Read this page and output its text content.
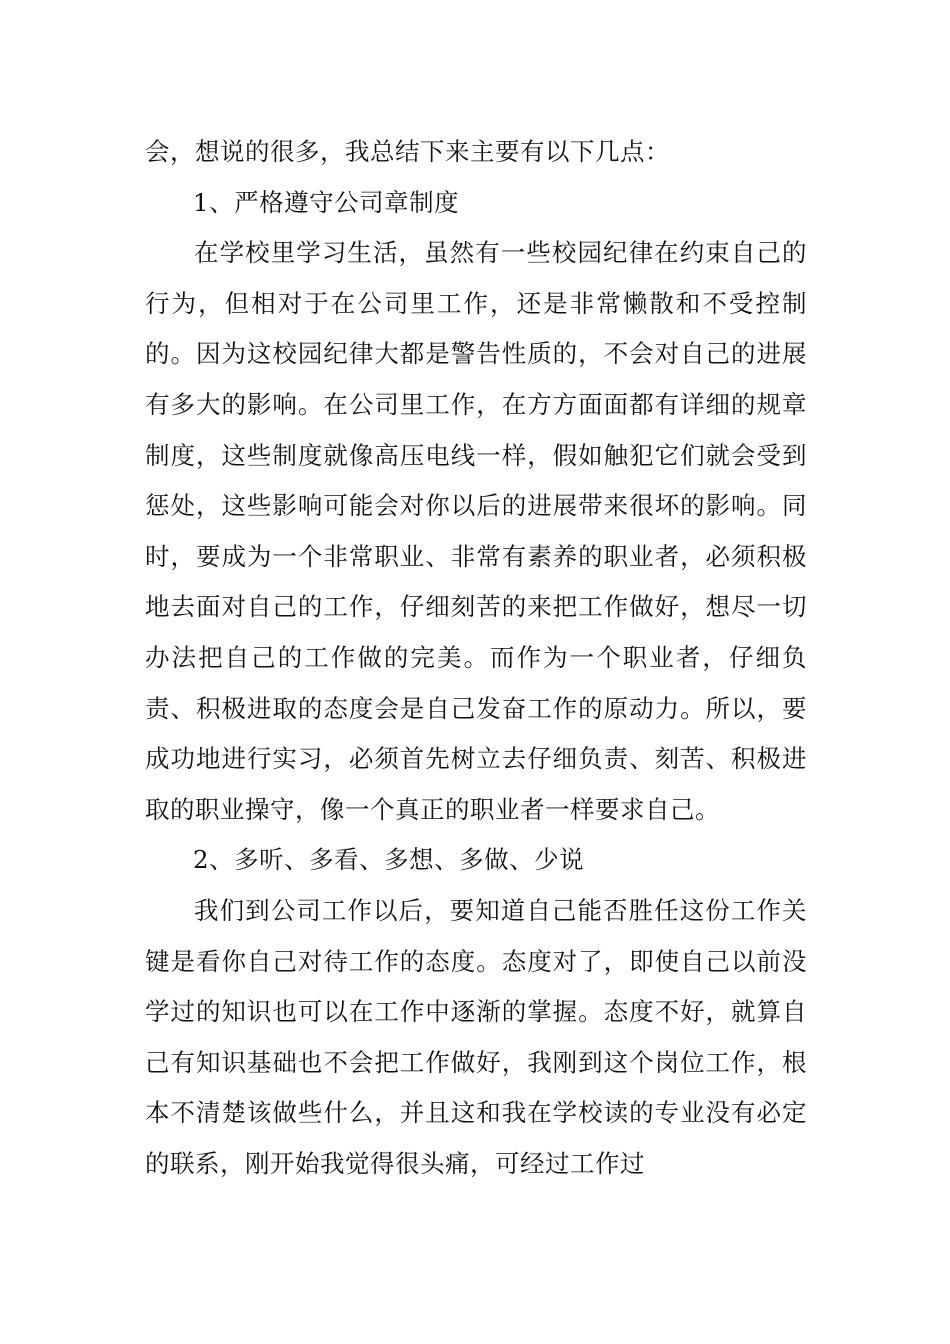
会，想说的很多，我总结下来主要有以下几点：

1、严格遵守公司章制度

在学校里学习生活，虽然有一些校园纪律在约束自己的行为，但相对于在公司里工作，还是非常懒散和不受控制的。因为这校园纪律大都是警告性质的，不会对自己的进展有多大的影响。在公司里工作，在方方面面都有详细的规章制度，这些制度就像高压电线一样，假如触犯它们就会受到惩处，这些影响可能会对你以后的进展带来很坏的影响。同时，要成为一个非常职业、非常有素养的职业者，必须积极地去面对自己的工作，仔细刻苦的来把工作做好，想尽一切办法把自己的工作做的完美。而作为一个职业者，仔细负责、积极进取的态度会是自己发奋工作的原动力。所以，要成功地进行实习，必须首先树立去仔细负责、刻苦、积极进取的职业操守，像一个真正的职业者一样要求自己。

2、多听、多看、多想、多做、少说

我们到公司工作以后，要知道自己能否胜任这份工作关键是看你自己对待工作的态度。态度对了，即使自己以前没学过的知识也可以在工作中逐渐的掌握。态度不好，就算自己有知识基础也不会把工作做好，我刚到这个岗位工作，根本不清楚该做些什么，并且这和我在学校读的专业没有必定的联系，刚开始我觉得很头痛，可经过工作过
